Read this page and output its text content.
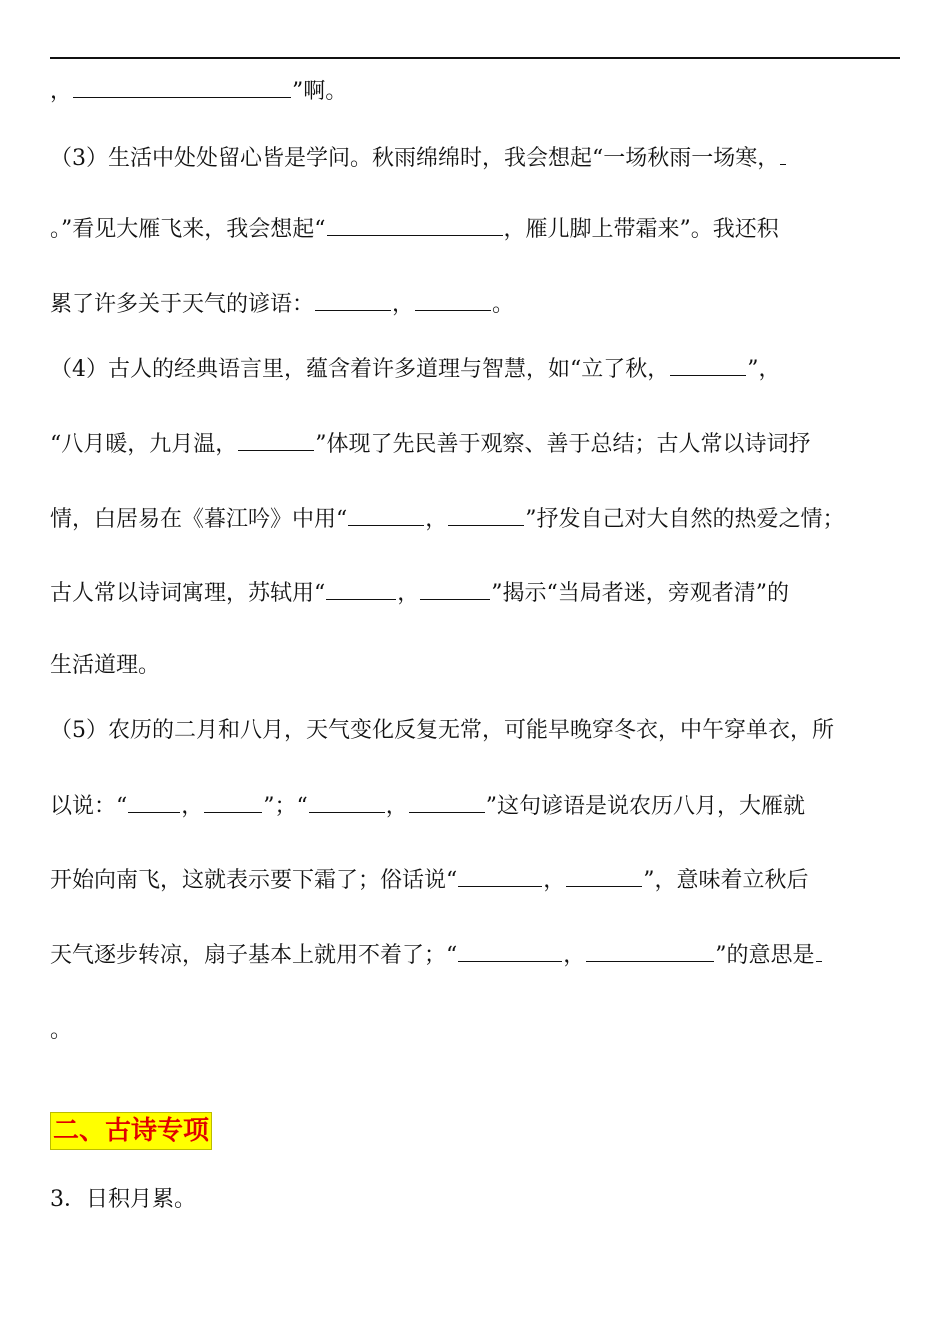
，	”啊。
（3）生活中处处留心皆是学问。秋雨绵绵时，我会想起“一场秋雨一场寒，
。”看见大雁飞来，我会想起“	，雁儿脚上带霜来”。我还积
累了许多关于天气的谚语：	，	。
（4）古人的经典语言里，蕴含着许多道理与智慧，如“立了秋，	”，
“八月暖，九月温，	”体现了先民善于观察、善于总结；古人常以诗词抒
情，白居易在《暮江吟》中用“	，	”抒发自己对大自然的热爱之情；
古人常以诗词寓理，苏轼用“	，	”揭示“当局者迷，旁观者清”的
生活道理。
（5）农历的二月和八月，天气变化反复无常，可能早晚穿冬衣，中午穿单衣，所
以说：“ ，	”；“	，	”这句谚语是说农历八月，大雁就
开始向南飞，这就表示要下霜了；俗话说“	，	”，意味着立秋后
天气逐步转凉，扇子基本上就用不着了；“	，	”的意思是
。
二、古诗专项
3．日积月累。
